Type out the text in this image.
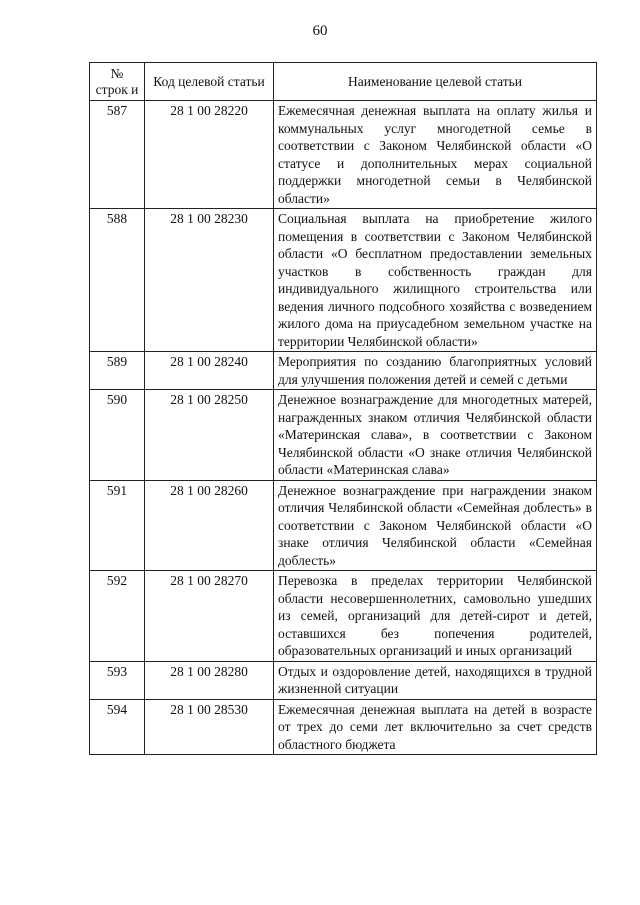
60
№ строк и	Код целевой статьи	Наименование целевой статьи
587	28 1 00 28220	Ежемесячная денежная выплата на оплату жилья и коммунальных услуг многодетной семье в соответствии с Законом Челябинской области «О статусе и дополнительных мерах социальной поддержки многодетной семьи в Челябинской области»
588	28 1 00 28230	Социальная выплата на приобретение жилого помещения в соответствии с Законом Челябинской области «О бесплатном предоставлении земельных участков в собственность граждан для индивидуального жилищного строительства или ведения личного подсобного хозяйства с возведением жилого дома на приусадебном земельном участке на территории Челябинской области»
589	28 1 00 28240	Мероприятия по созданию благоприятных условий для улучшения положения детей и семей с детьми
590	28 1 00 28250	Денежное вознаграждение для многодетных матерей, награжденных знаком отличия Челябинской области «Материнская слава», в соответствии с Законом Челябинской области «О знаке отличия Челябинской области «Материнская слава»
591	28 1 00 28260	Денежное вознаграждение при награждении знаком отличия Челябинской области «Семейная доблесть» в соответствии с Законом Челябинской области «О знаке отличия Челябинской области «Семейная доблесть»
592	28 1 00 28270	Перевозка в пределах территории Челябинской области несовершеннолетних, самовольно ушедших из семей, организаций для детей-сирот и детей, оставшихся без попечения родителей, образовательных организаций и иных организаций
593	28 1 00 28280	Отдых и оздоровление детей, находящихся в трудной жизненной ситуации
594	28 1 00 28530	Ежемесячная денежная выплата на детей в возрасте от трех до семи лет включительно за счет средств областного бюджета
